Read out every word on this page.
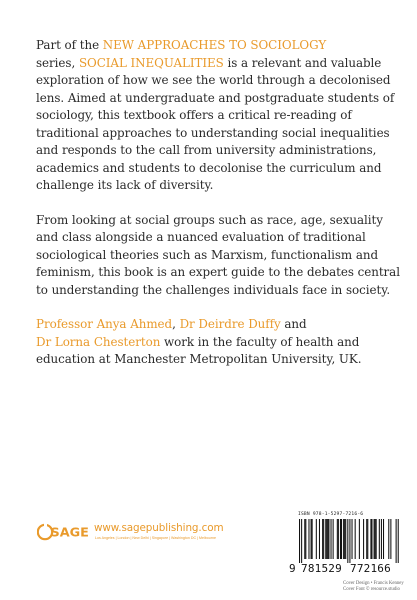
Part of the NEW APPROACHES TO SOCIOLOGY
series, SOCIAL INEQUALITIES is a relevant and valuable exploration of how we see the world through a decolonised lens. Aimed at undergraduate and postgraduate students of sociology, this textbook offers a critical re-reading of traditional approaches to understanding social inequalities and responds to the call from university administrations, academics and students to decolonise the curriculum and challenge its lack of diversity.

From looking at social groups such as race, age, sexuality and class alongside a nuanced evaluation of traditional sociological theories such as Marxism, functionalism and feminism, this book is an expert guide to the debates central to understanding the challenges individuals face in society.

Professor Anya Ahmed, Dr Deirdre Duffy and
Dr Lorna Chesterton work in the faculty of health and education at Manchester Metropolitan University, UK.

SAGE www.sagepublishing.com
Los Angeles | London | New Delhi | Singapore | Washington DC | Melbourne
ISBN 978-1-5297-7216-6
9 781529 772166
Cover Design • Francis Kenney
Cover Font © resource.studio
